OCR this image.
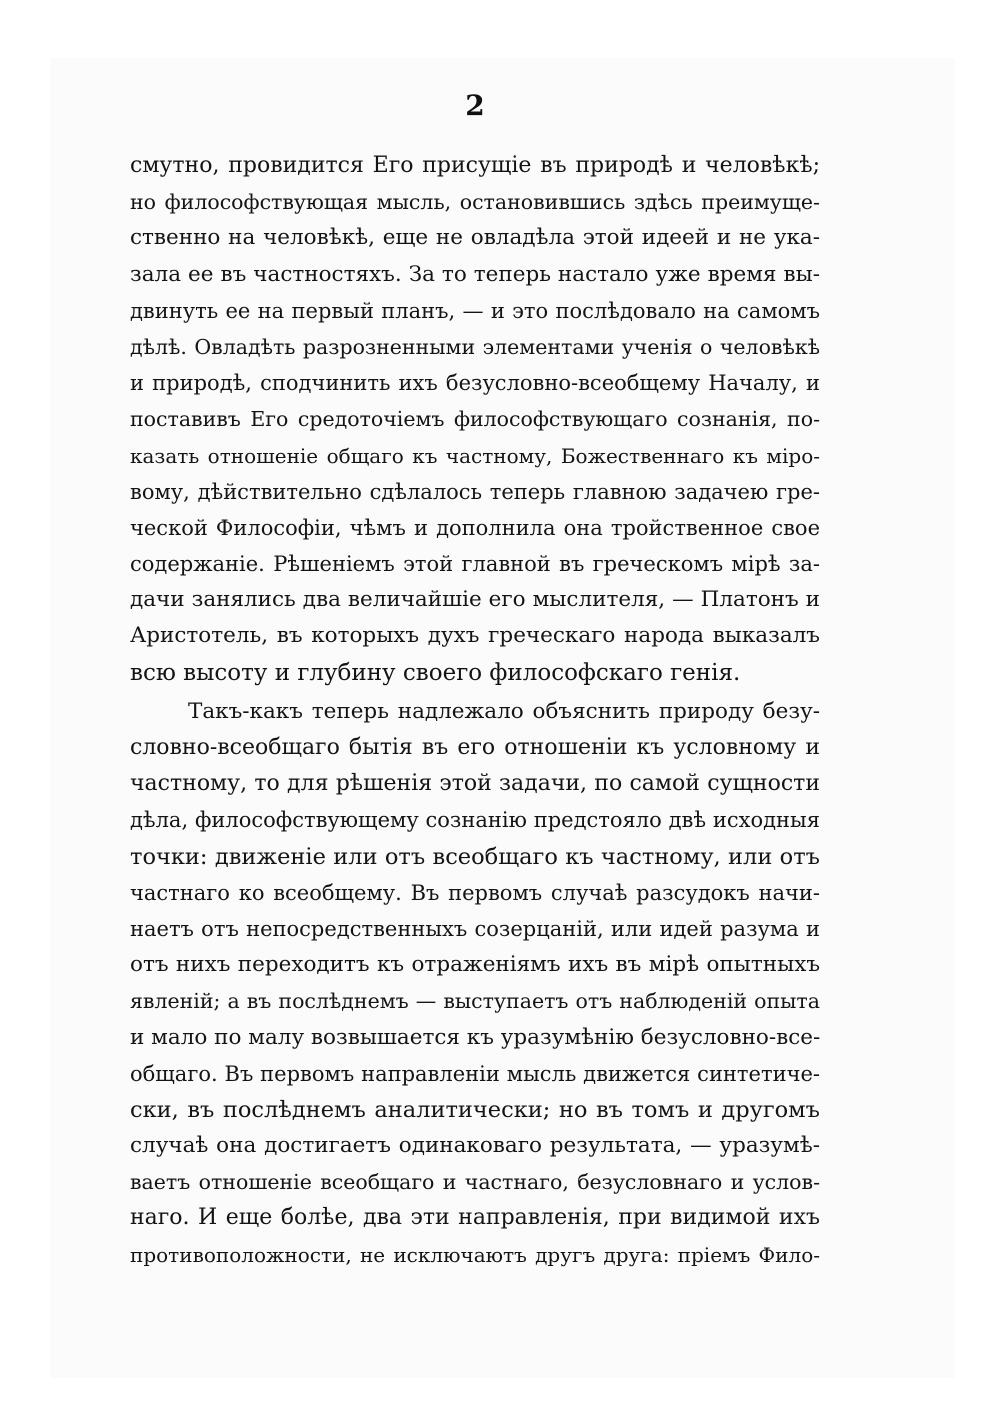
2
смутно, провидится Его присущіе въ природѣ и человѣкѣ;
но философствующая мысль, остановившись здѣсь преимуще-
ственно на человѣкѣ, еще не овладѣла этой идеей и не ука-
зала ее въ частностяхъ. За то теперь настало уже время вы-
двинуть ее на первый планъ, — и это послѣдовало на самомъ
дѣлѣ. Овладѣть разрозненными элементами ученія о человѣкѣ
и природѣ, сподчинить ихъ безусловно-всеобщему Началу, и
поставивъ Его средоточіемъ философствующаго сознанія, по-
казать отношеніе общаго къ частному, Божественнаго къ міро-
вому, дѣйствительно сдѣлалось теперь главною задачею гре-
ческой Философіи, чѣмъ и дополнила она тройственное свое
содержаніе. Рѣшеніемъ этой главной въ греческомъ мірѣ за-
дачи занялись два величайшіе его мыслителя, — Платонъ и
Аристотель, въ которыхъ духъ греческаго народа выказалъ
всю высоту и глубину своего философскаго генія.
Такъ-какъ теперь надлежало объяснить природу безу-
словно-всеобщаго бытія въ его отношеніи къ условному и
частному, то для рѣшенія этой задачи, по самой сущности
дѣла, философствующему сознанію предстояло двѣ исходныя
точки: движеніе или отъ всеобщаго къ частному, или отъ
частнаго ко всеобщему. Въ первомъ случаѣ разсудокъ начи-
наетъ отъ непосредственныхъ созерцаній, или идей разума и
отъ нихъ переходитъ къ отраженіямъ ихъ въ мірѣ опытныхъ
явленій; а въ послѣднемъ — выступаетъ отъ наблюденій опыта
и мало по малу возвышается къ уразумѣнію безусловно-все-
общаго. Въ первомъ направленіи мысль движется синтетиче-
ски, въ послѣднемъ аналитически; но въ томъ и другомъ
случаѣ она достигаетъ одинаковаго результата, — уразумѣ-
ваетъ отношеніе всеобщаго и частнаго, безусловнаго и услов-
наго. И еще болѣе, два эти направленія, при видимой ихъ
противоположности, не исключаютъ другъ друга: пріемъ Фило-
